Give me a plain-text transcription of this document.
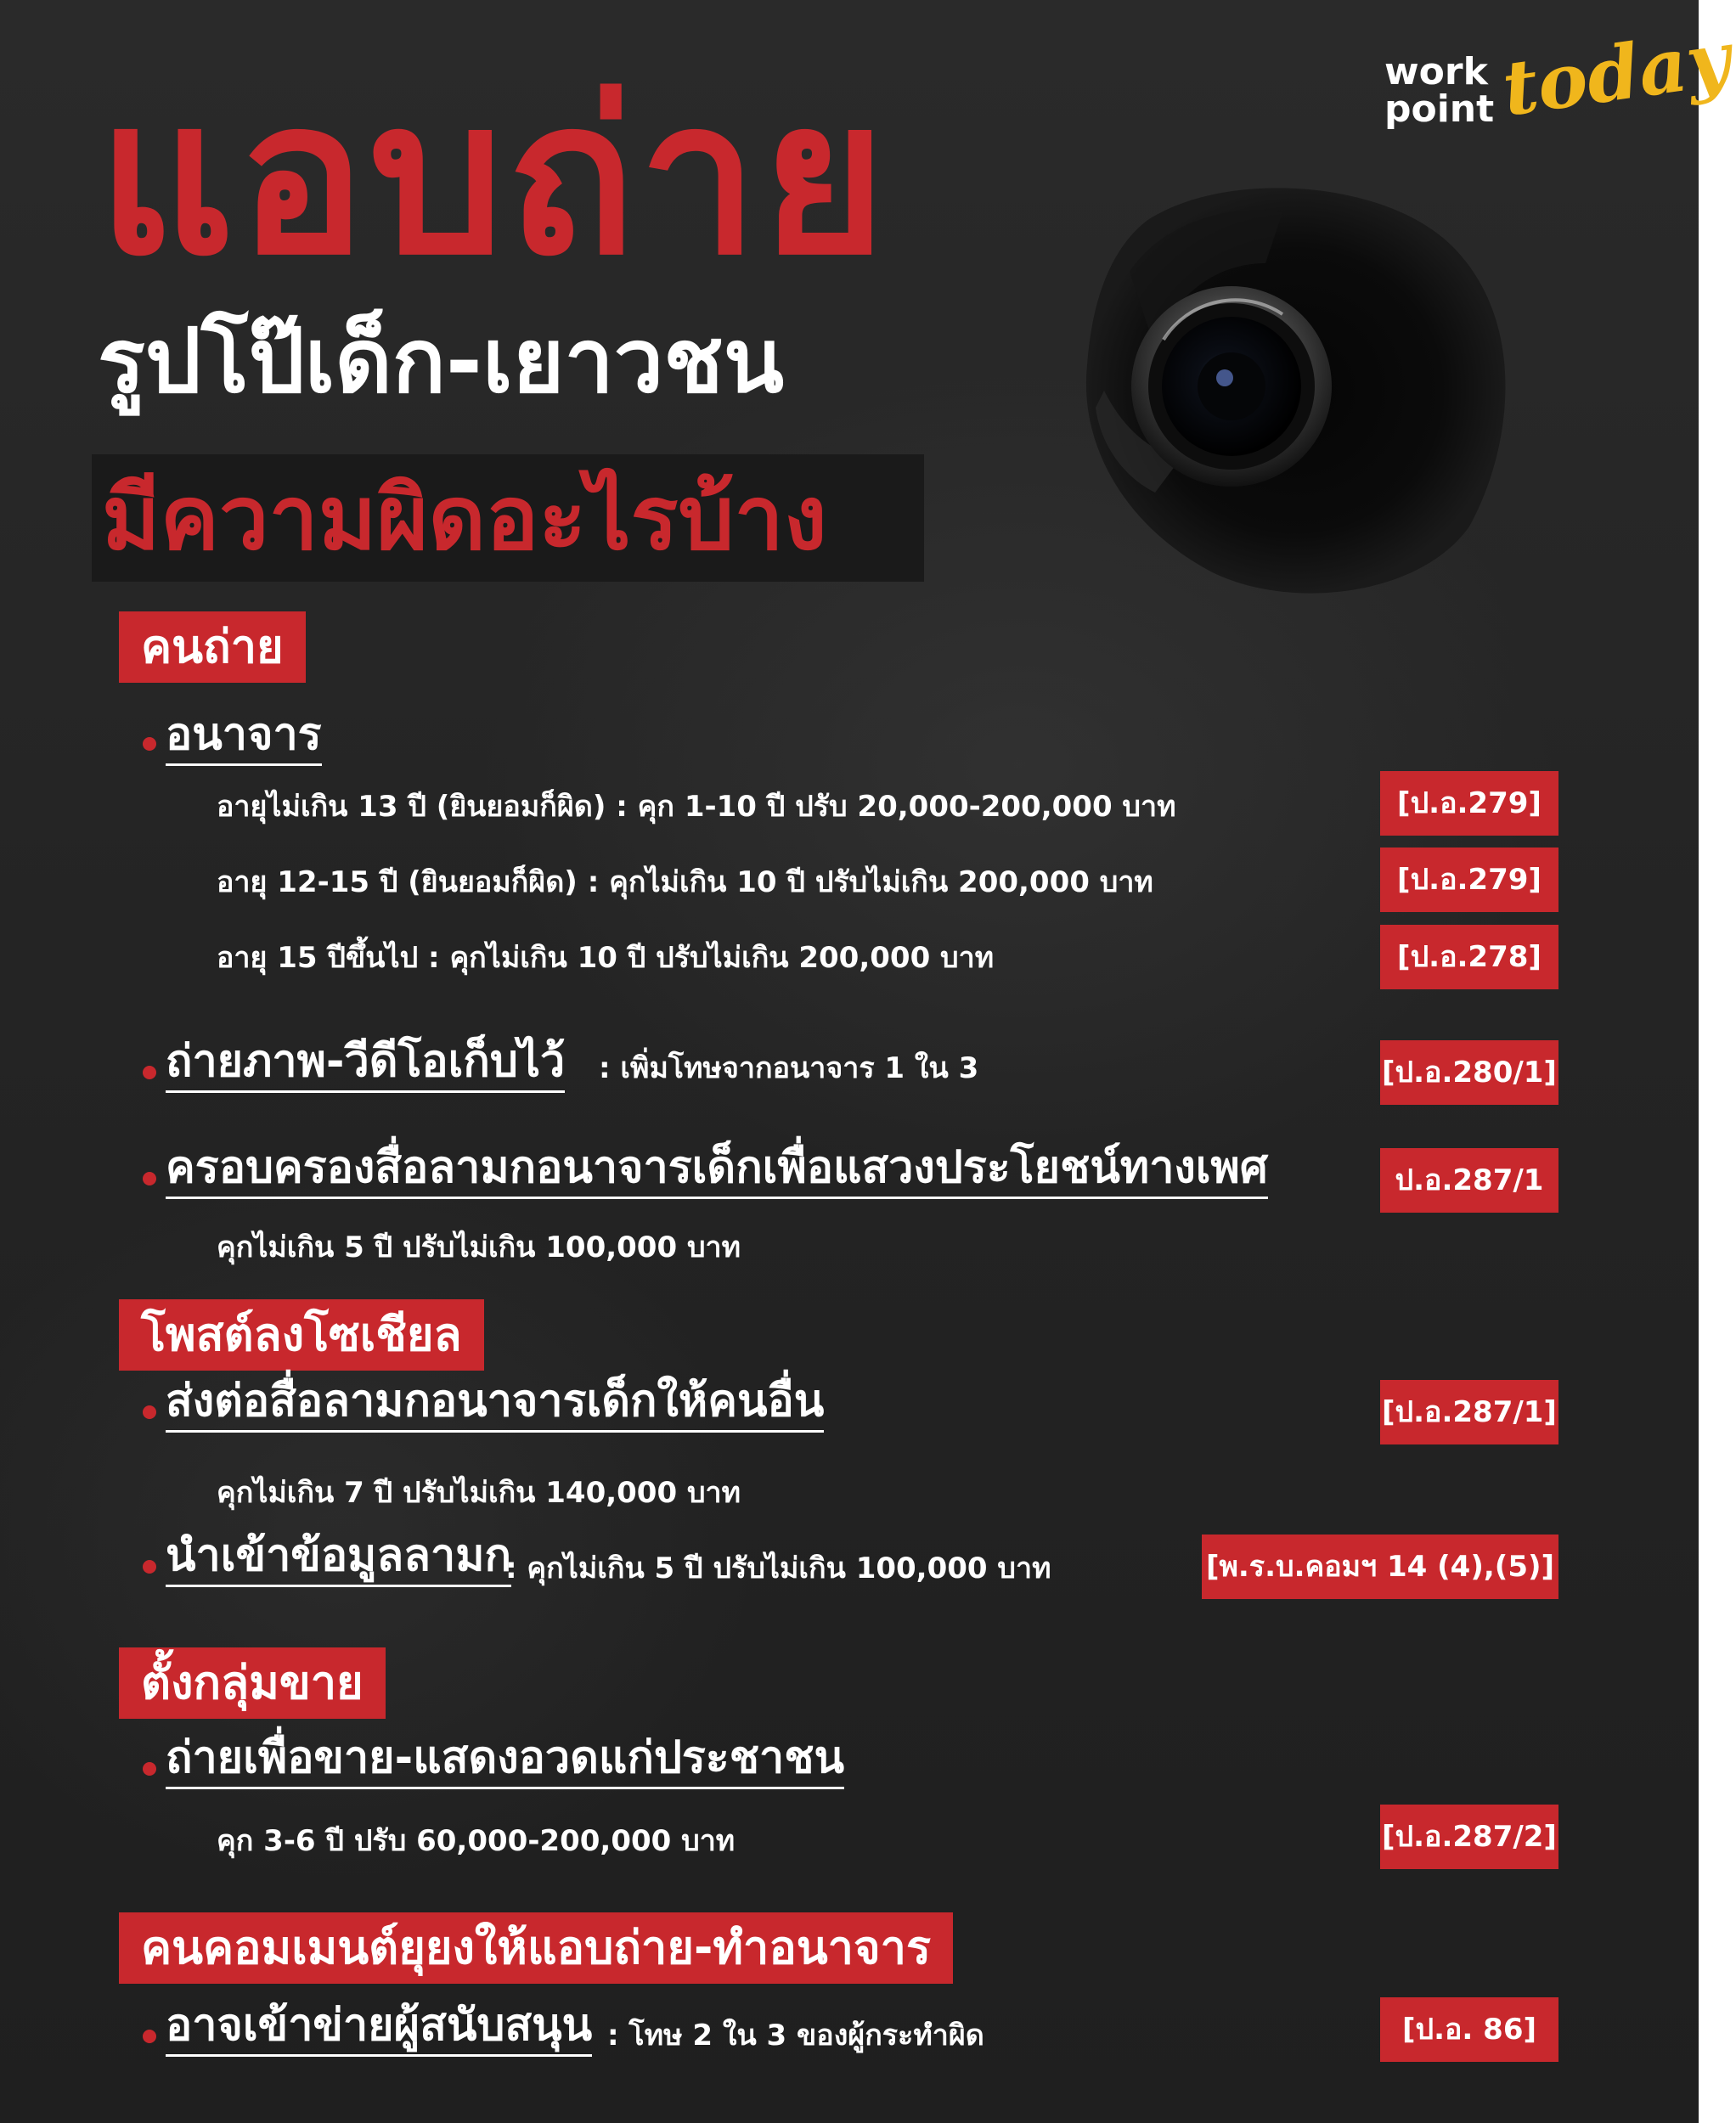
work
point today
แอบถ่าย
รูปโป๊เด็ก-เยาวชน
มีความผิดอะไรบ้าง
คนถ่าย
อนาจาร
อายุไม่เกิน 13 ปี (ยินยอมก็ผิด) : คุก 1-10 ปี ปรับ 20,000-200,000 บาท	[ป.อ.279]
อายุ 12-15 ปี (ยินยอมก็ผิด) : คุกไม่เกิน 10 ปี ปรับไม่เกิน 200,000 บาท	[ป.อ.279]
อายุ 15 ปีขึ้นไป : คุกไม่เกิน 10 ปี ปรับไม่เกิน 200,000 บาท	[ป.อ.278]
ถ่ายภาพ-วีดีโอเก็บไว้ : เพิ่มโทษจากอนาจาร 1 ใน 3	[ป.อ.280/1]
ครอบครองสื่อลามกอนาจารเด็กเพื่อแสวงประโยชน์ทางเพศ	ป.อ.287/1
คุกไม่เกิน 5 ปี ปรับไม่เกิน 100,000 บาท
โพสต์ลงโซเชียล
ส่งต่อสื่อลามกอนาจารเด็กให้คนอื่น	[ป.อ.287/1]
คุกไม่เกิน 7 ปี ปรับไม่เกิน 140,000 บาท
นำเข้าข้อมูลลามก
: คุกไม่เกิน 5 ปี ปรับไม่เกิน 100,000 บาท	[พ.ร.บ.คอมฯ 14 (4),(5)]
ตั้งกลุ่มขาย
ถ่ายเพื่อขาย-แสดงอวดแก่ประชาชน
คุก 3-6 ปี ปรับ 60,000-200,000 บาท	[ป.อ.287/2]
คนคอมเมนต์ยุยงให้แอบถ่าย-ทำอนาจาร
อาจเข้าข่ายผู้สนับสนุน : โทษ 2 ใน 3 ของผู้กระทำผิด	[ป.อ. 86]
